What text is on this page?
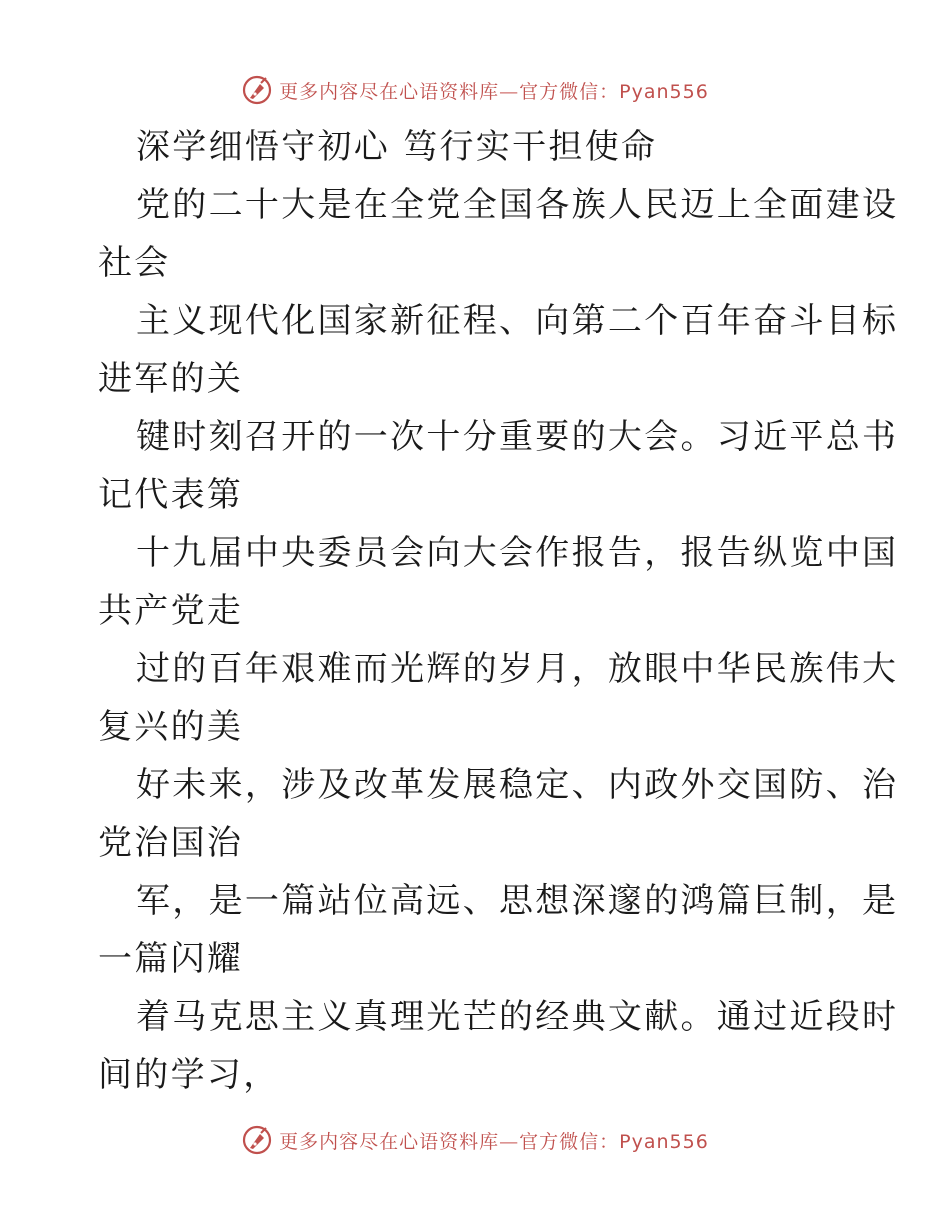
更多内容尽在心语资料库—官方微信：Pyan556
深学细悟守初心 笃行实干担使命
党的二十大是在全党全国各族人民迈上全面建设
社会
主义现代化国家新征程、向第二个百年奋斗目标
进军的关
键时刻召开的一次十分重要的大会。习近平总书
记代表第
十九届中央委员会向大会作报告，报告纵览中国
共产党走
过的百年艰难而光辉的岁月，放眼中华民族伟大
复兴的美
好未来，涉及改革发展稳定、内政外交国防、治
党治国治
军，是一篇站位高远、思想深邃的鸿篇巨制，是
一篇闪耀
着马克思主义真理光芒的经典文献。通过近段时
间的学习，
更多内容尽在心语资料库—官方微信：Pyan556
